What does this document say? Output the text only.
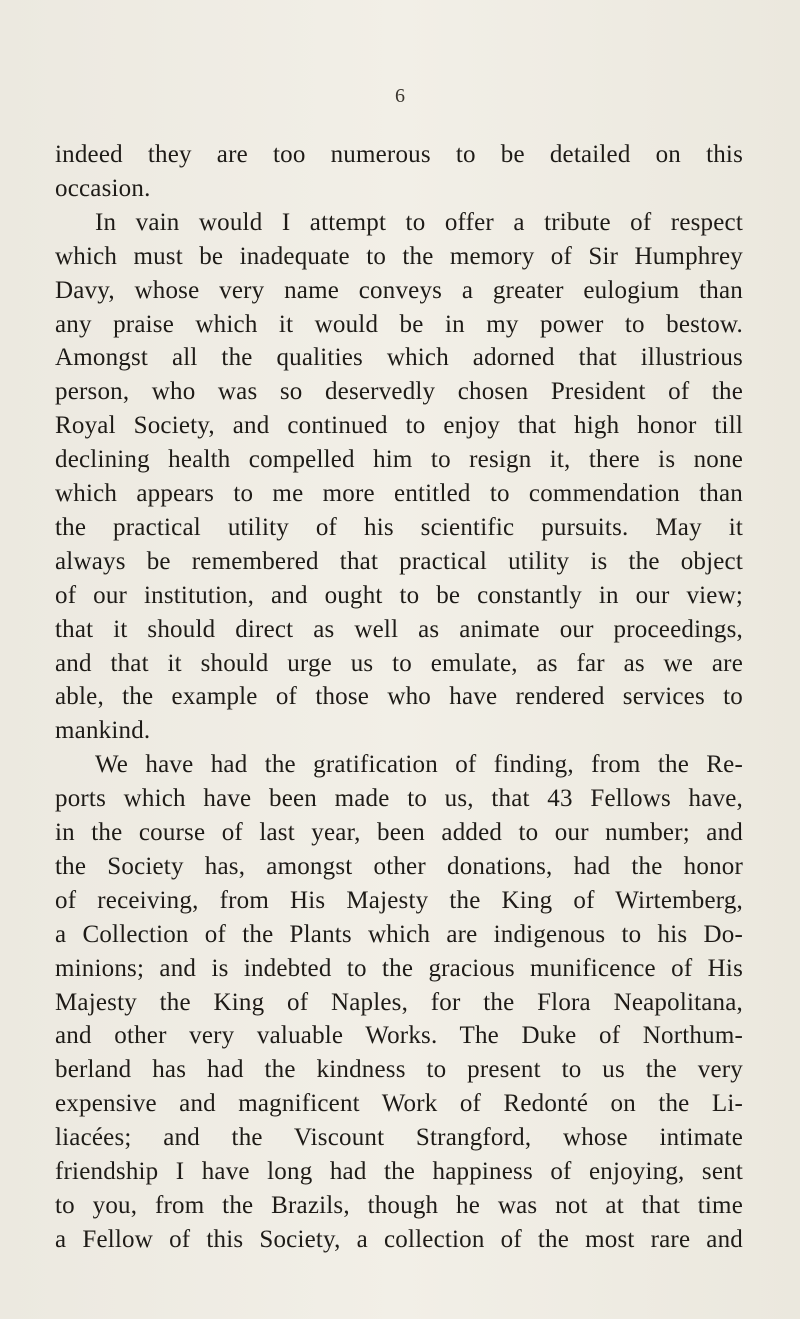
6
indeed they are too numerous to be detailed on this
occasion.
In vain would I attempt to offer a tribute of respect
which must be inadequate to the memory of Sir Humphrey
Davy, whose very name conveys a greater eulogium than
any praise which it would be in my power to bestow.
Amongst all the qualities which adorned that illustrious
person, who was so deservedly chosen President of the
Royal Society, and continued to enjoy that high honor till
declining health compelled him to resign it, there is none
which appears to me more entitled to commendation than
the practical utility of his scientific pursuits. May it
always be remembered that practical utility is the object
of our institution, and ought to be constantly in our view;
that it should direct as well as animate our proceedings,
and that it should urge us to emulate, as far as we are
able, the example of those who have rendered services to
mankind.
We have had the gratification of finding, from the Re-
ports which have been made to us, that 43 Fellows have,
in the course of last year, been added to our number; and
the Society has, amongst other donations, had the honor
of receiving, from His Majesty the King of Wirtemberg,
a Collection of the Plants which are indigenous to his Do-
minions; and is indebted to the gracious munificence of His
Majesty the King of Naples, for the Flora Neapolitana,
and other very valuable Works. The Duke of Northum-
berland has had the kindness to present to us the very
expensive and magnificent Work of Redonté on the Li-
liacées; and the Viscount Strangford, whose intimate
friendship I have long had the happiness of enjoying, sent
to you, from the Brazils, though he was not at that time
a Fellow of this Society, a collection of the most rare and
